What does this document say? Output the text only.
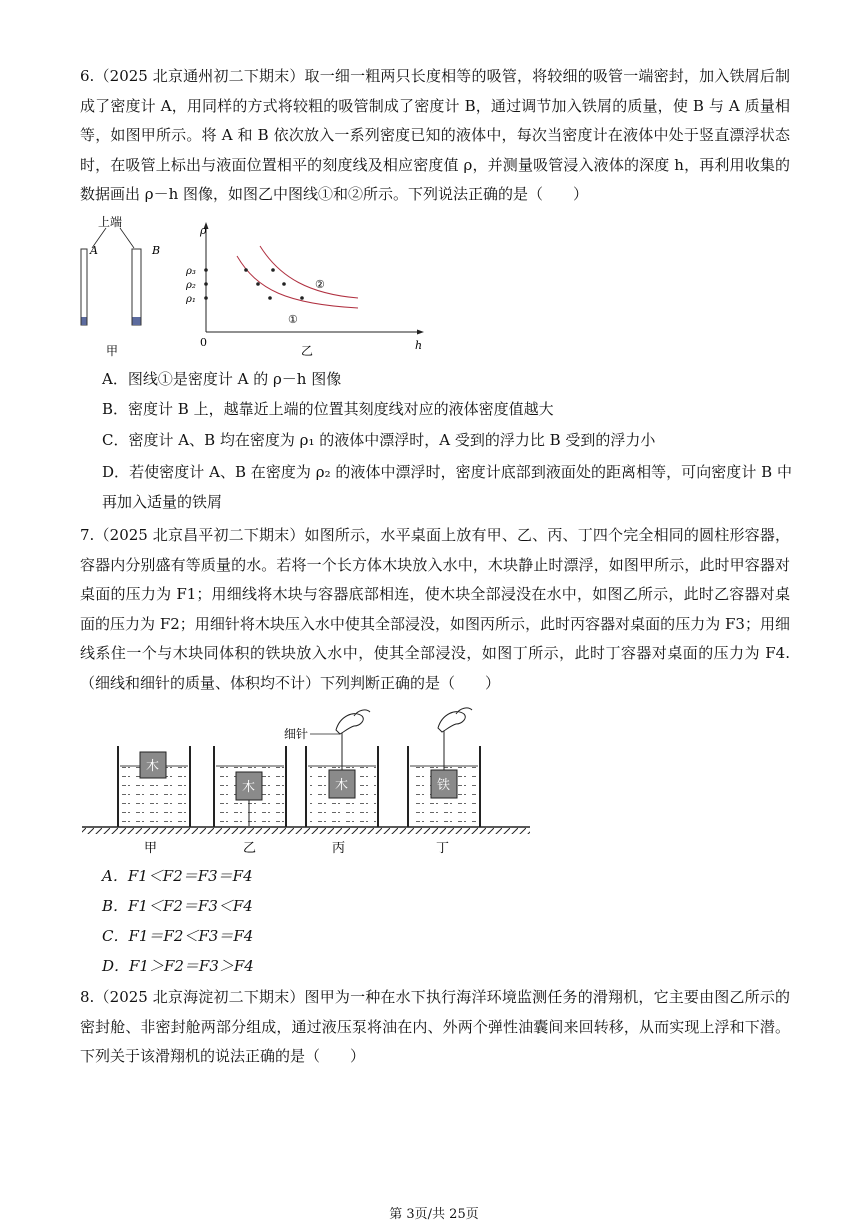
6.（2025 北京通州初二下期末）取一细一粗两只长度相等的吸管，将较细的吸管一端密封，加入铁屑后制成了密度计 A，用同样的方式将较粗的吸管制成了密度计 B，通过调节加入铁屑的质量，使 B 与 A 质量相等，如图甲所示。将 A 和 B 依次放入一系列密度已知的液体中，每次当密度计在液体中处于竖直漂浮状态时，在吸管上标出与液面位置相平的刻度线及相应密度值 ρ，并测量吸管浸入液体的深度 h，再利用收集的数据画出 ρ－h 图像，如图乙中图线①和②所示。下列说法正确的是（　　）

上端
A	B
甲
ρ
h
0
ρ₃
ρ₂
ρ₁
①
②
乙

A．图线①是密度计 A 的 ρ－h 图像

B．密度计 B 上，越靠近上端的位置其刻度线对应的液体密度值越大

C．密度计 A、B 均在密度为 ρ₁ 的液体中漂浮时，A 受到的浮力比 B 受到的浮力小

D．若使密度计 A、B 在密度为 ρ₂ 的液体中漂浮时，密度计底部到液面处的距离相等，可向密度计 B 中再加入适量的铁屑

7.（2025 北京昌平初二下期末）如图所示，水平桌面上放有甲、乙、丙、丁四个完全相同的圆柱形容器，容器内分别盛有等质量的水。若将一个长方体木块放入水中，木块静止时漂浮，如图甲所示，此时甲容器对桌面的压力为 F1；用细线将木块与容器底部相连，使木块全部浸没在水中，如图乙所示，此时乙容器对桌面的压力为 F2；用细针将木块压入水中使其全部浸没，如图丙所示，此时丙容器对桌面的压力为 F3；用细线系住一个与木块同体积的铁块放入水中，使其全部浸没，如图丁所示，此时丁容器对桌面的压力为 F4.（细线和细针的质量、体积均不计）下列判断正确的是（　　）

木
木	木
细针
铁
甲	乙	丙	丁

A．F1＜F2＝F3＝F4

B．F1＜F2＝F3＜F4

C．F1＝F2＜F3＝F4

D．F1＞F2＝F3＞F4

8.（2025 北京海淀初二下期末）图甲为一种在水下执行海洋环境监测任务的滑翔机，它主要由图乙所示的密封舱、非密封舱两部分组成，通过液压泵将油在内、外两个弹性油囊间来回转移，从而实现上浮和下潜。下列关于该滑翔机的说法正确的是（　　）

第 3页/共 25页
